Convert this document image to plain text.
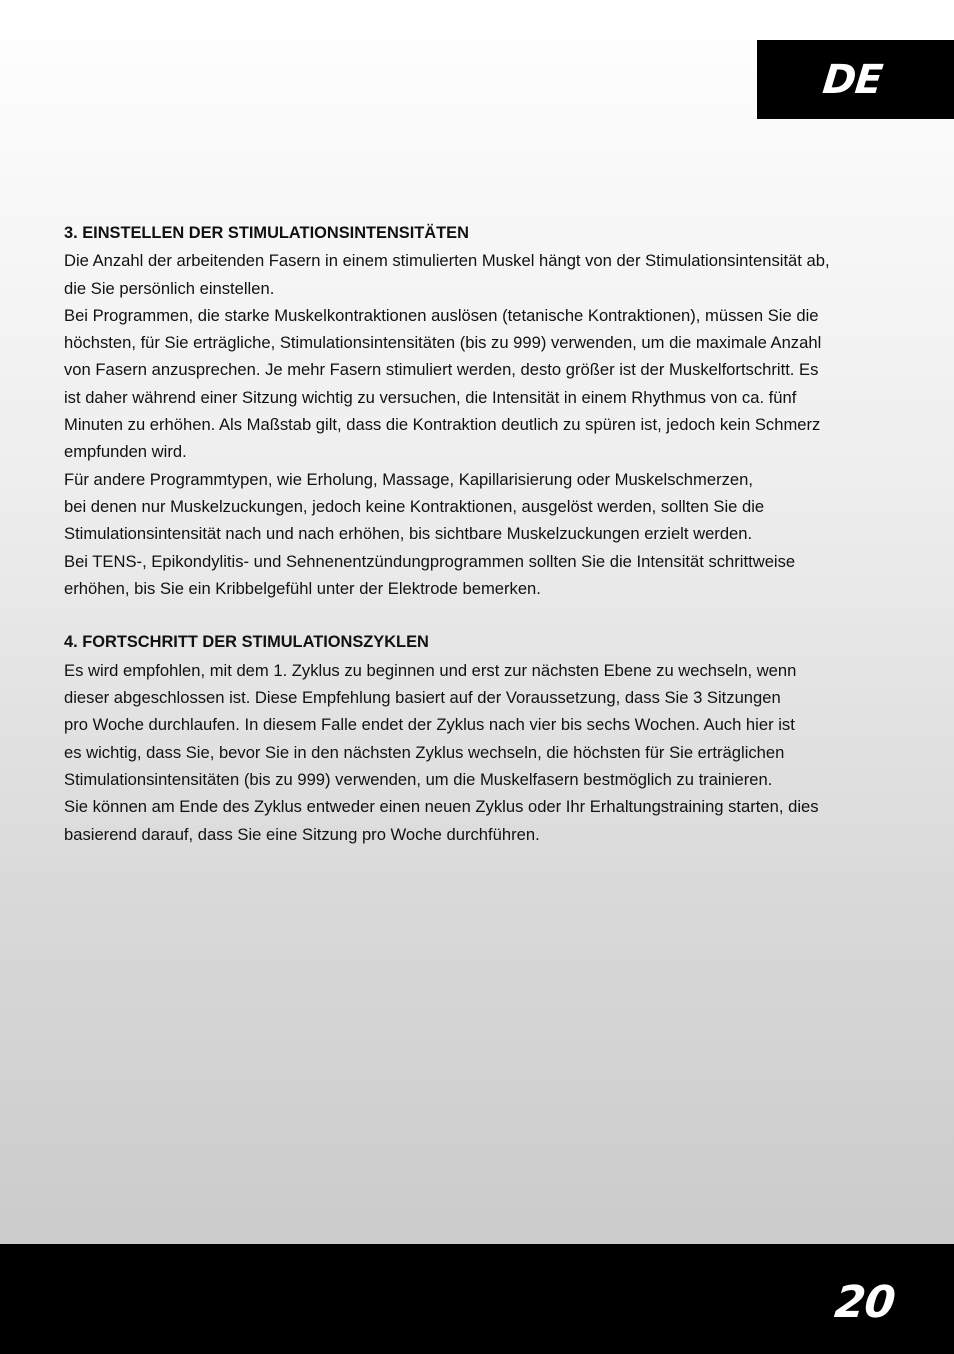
DE

3. EINSTELLEN DER STIMULATIONSINTENSITÄTEN

Die Anzahl der arbeitenden Fasern in einem stimulierten Muskel hängt von der Stimulationsintensität ab,
die Sie persönlich einstellen.
Bei Programmen, die starke Muskelkontraktionen auslösen (tetanische Kontraktionen), müssen Sie die
höchsten, für Sie erträgliche, Stimulationsintensitäten (bis zu 999) verwenden, um die maximale Anzahl
von Fasern anzusprechen. Je mehr Fasern stimuliert werden, desto größer ist der Muskelfortschritt. Es
ist daher während einer Sitzung wichtig zu versuchen, die Intensität in einem Rhythmus von ca. fünf
Minuten zu erhöhen. Als Maßstab gilt, dass die Kontraktion deutlich zu spüren ist, jedoch kein Schmerz
empfunden wird.
Für andere Programmtypen, wie Erholung, Massage, Kapillarisierung oder Muskelschmerzen,
bei denen nur Muskelzuckungen, jedoch keine Kontraktionen, ausgelöst werden, sollten Sie die
Stimulationsintensität nach und nach erhöhen, bis sichtbare Muskelzuckungen erzielt werden.
Bei TENS-, Epikondylitis- und Sehnenentzündungprogrammen sollten Sie die Intensität schrittweise
erhöhen, bis Sie ein Kribbelgefühl unter der Elektrode bemerken.

4. FORTSCHRITT DER STIMULATIONSZYKLEN

Es wird empfohlen, mit dem 1. Zyklus zu beginnen und erst zur nächsten Ebene zu wechseln, wenn
dieser abgeschlossen ist. Diese Empfehlung basiert auf der Voraussetzung, dass Sie 3 Sitzungen
pro Woche durchlaufen. In diesem Falle endet der Zyklus nach vier bis sechs Wochen. Auch hier ist
es wichtig, dass Sie, bevor Sie in den nächsten Zyklus wechseln, die höchsten für Sie erträglichen
Stimulationsintensitäten (bis zu 999) verwenden, um die Muskelfasern bestmöglich zu trainieren.
Sie können am Ende des Zyklus entweder einen neuen Zyklus oder Ihr Erhaltungstraining starten, dies
basierend darauf, dass Sie eine Sitzung pro Woche durchführen.

20
